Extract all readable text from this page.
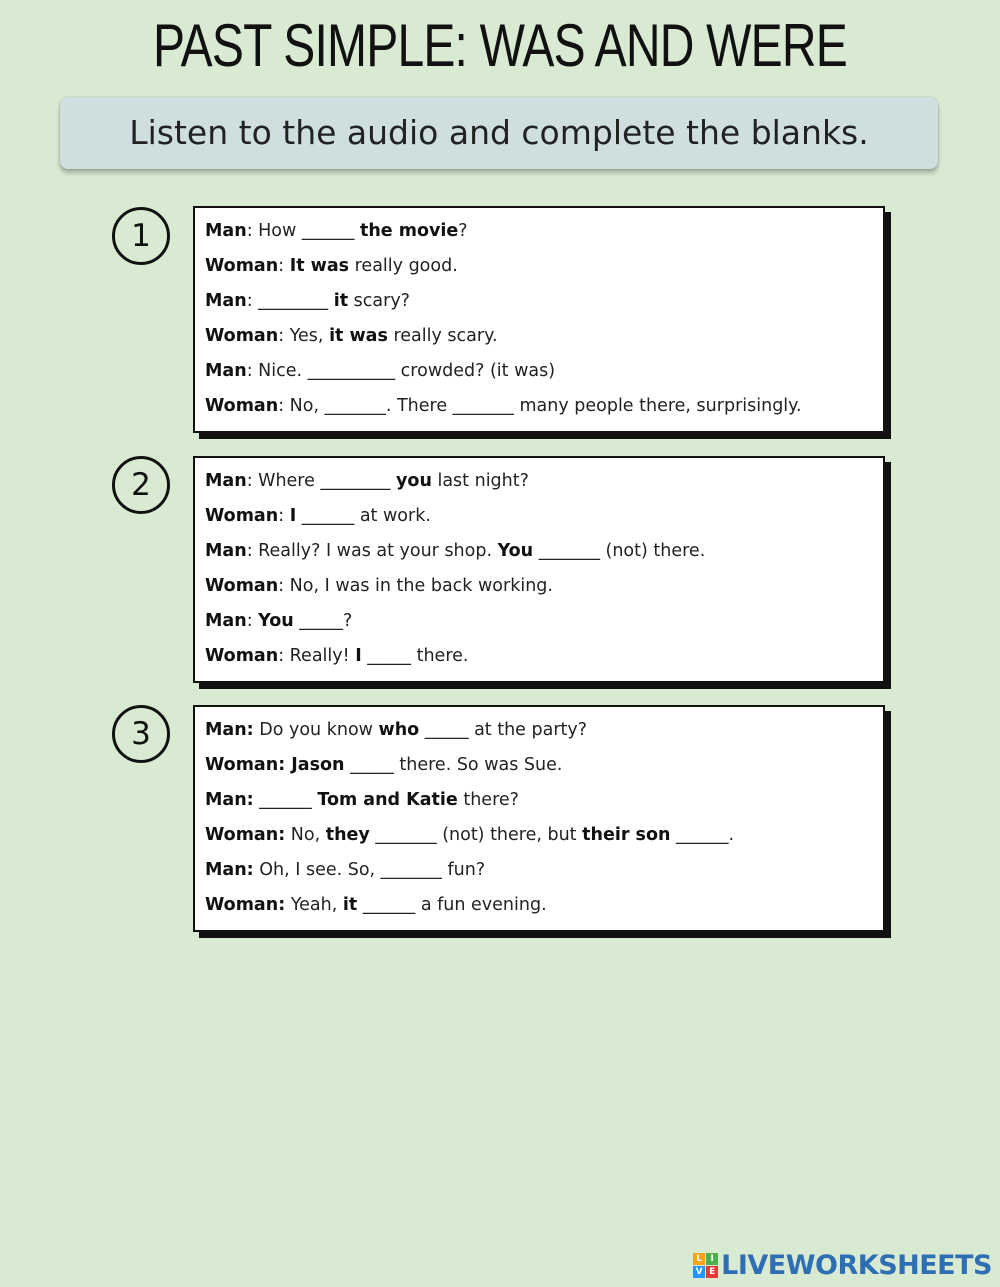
PAST SIMPLE: WAS AND WERE
Listen to the audio and complete the blanks.
1	Man: How ______ the movie?
Woman: It was really good.
Man: ________ it scary?
Woman: Yes, it was really scary.
Man: Nice. __________ crowded? (it was)
Woman: No, _______. There _______ many people there, surprisingly.
2	Man: Where ________ you last night?
Woman: I ______ at work.
Man: Really? I was at your shop. You _______ (not) there.
Woman: No, I was in the back working.
Man: You _____?
Woman: Really! I _____ there.
3	Man: Do you know who _____ at the party?
Woman: Jason _____ there. So was Sue.
Man: ______ Tom and Katie there?
Woman: No, they _______ (not) there, but their son ______.
Man: Oh, I see. So, _______ fun?
Woman: Yeah, it ______ a fun evening.
L I
V E LIVEWORKSHEETS
